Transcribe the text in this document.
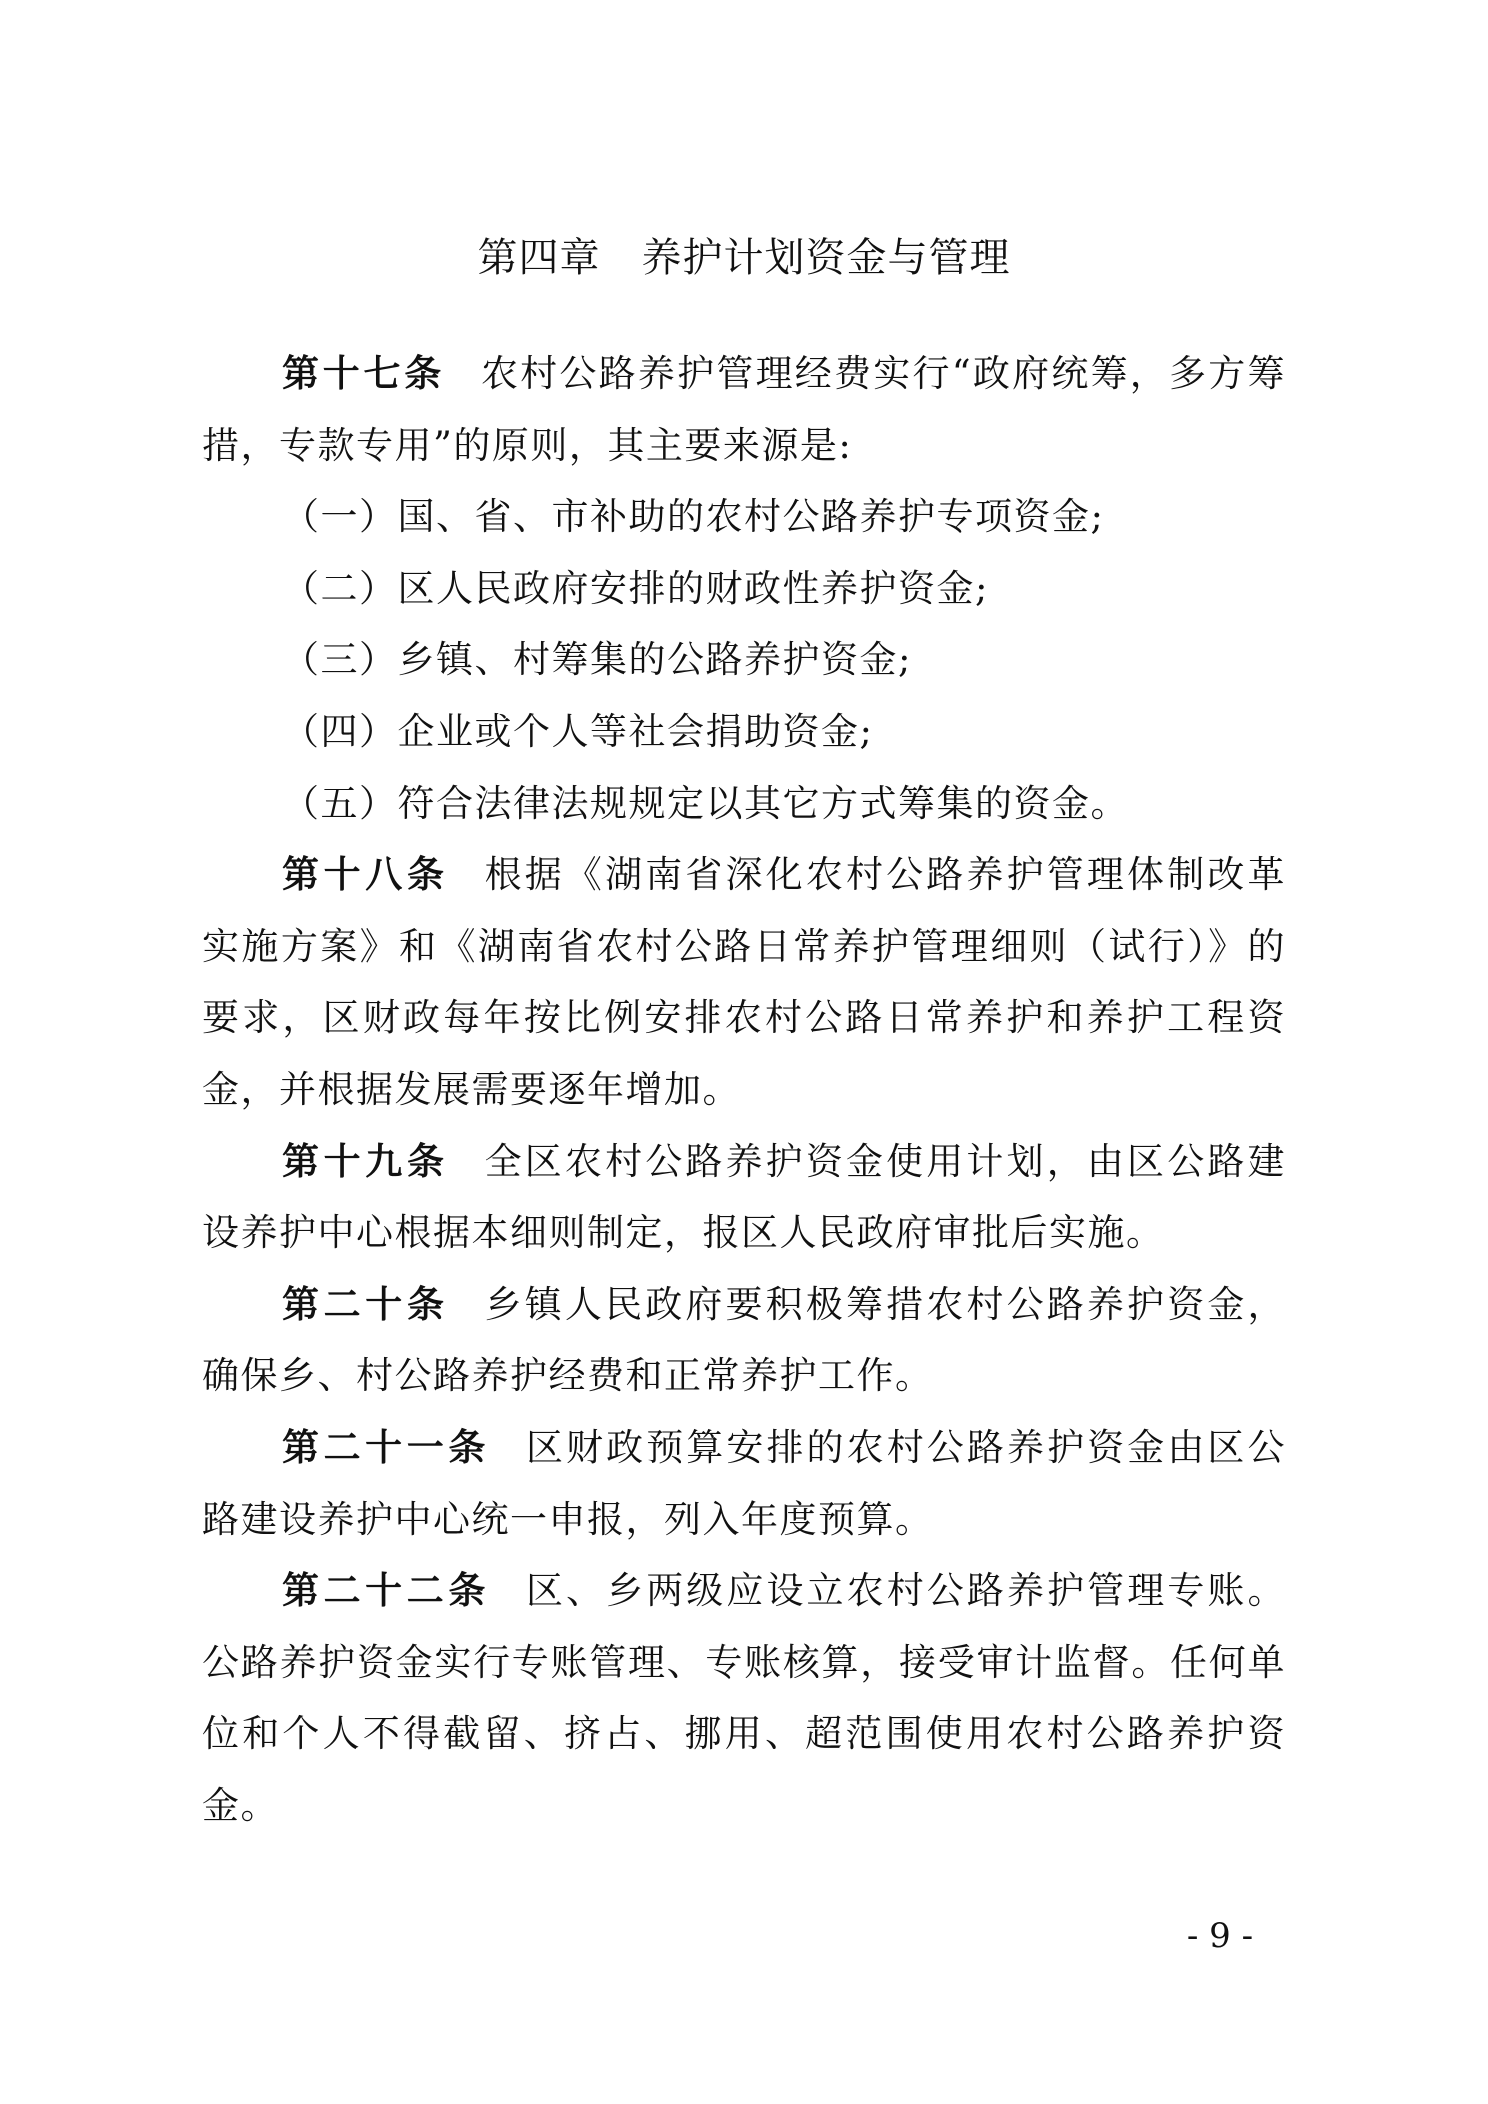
第四章　养护计划资金与管理

第十七条 农村公路养护管理经费实行“政府统筹，多方筹措，专款专用”的原则，其主要来源是:

（一）国、省、市补助的农村公路养护专项资金;

（二）区人民政府安排的财政性养护资金;

（三）乡镇、村筹集的公路养护资金;

（四）企业或个人等社会捐助资金;

（五）符合法律法规规定以其它方式筹集的资金。

第十八条 根据《湖南省深化农村公路养护管理体制改革实施方案》和《湖南省农村公路日常养护管理细则（试行）》的要求，区财政每年按比例安排农村公路日常养护和养护工程资金，并根据发展需要逐年增加。

第十九条 全区农村公路养护资金使用计划，由区公路建设养护中心根据本细则制定，报区人民政府审批后实施。

第二十条 乡镇人民政府要积极筹措农村公路养护资金，确保乡、村公路养护经费和正常养护工作。

第二十一条 区财政预算安排的农村公路养护资金由区公路建设养护中心统一申报，列入年度预算。

第二十二条 区、乡两级应设立农村公路养护管理专账。公路养护资金实行专账管理、专账核算，接受审计监督。任何单位和个人不得截留、挤占、挪用、超范围使用农村公路养护资金。

- 9 -
